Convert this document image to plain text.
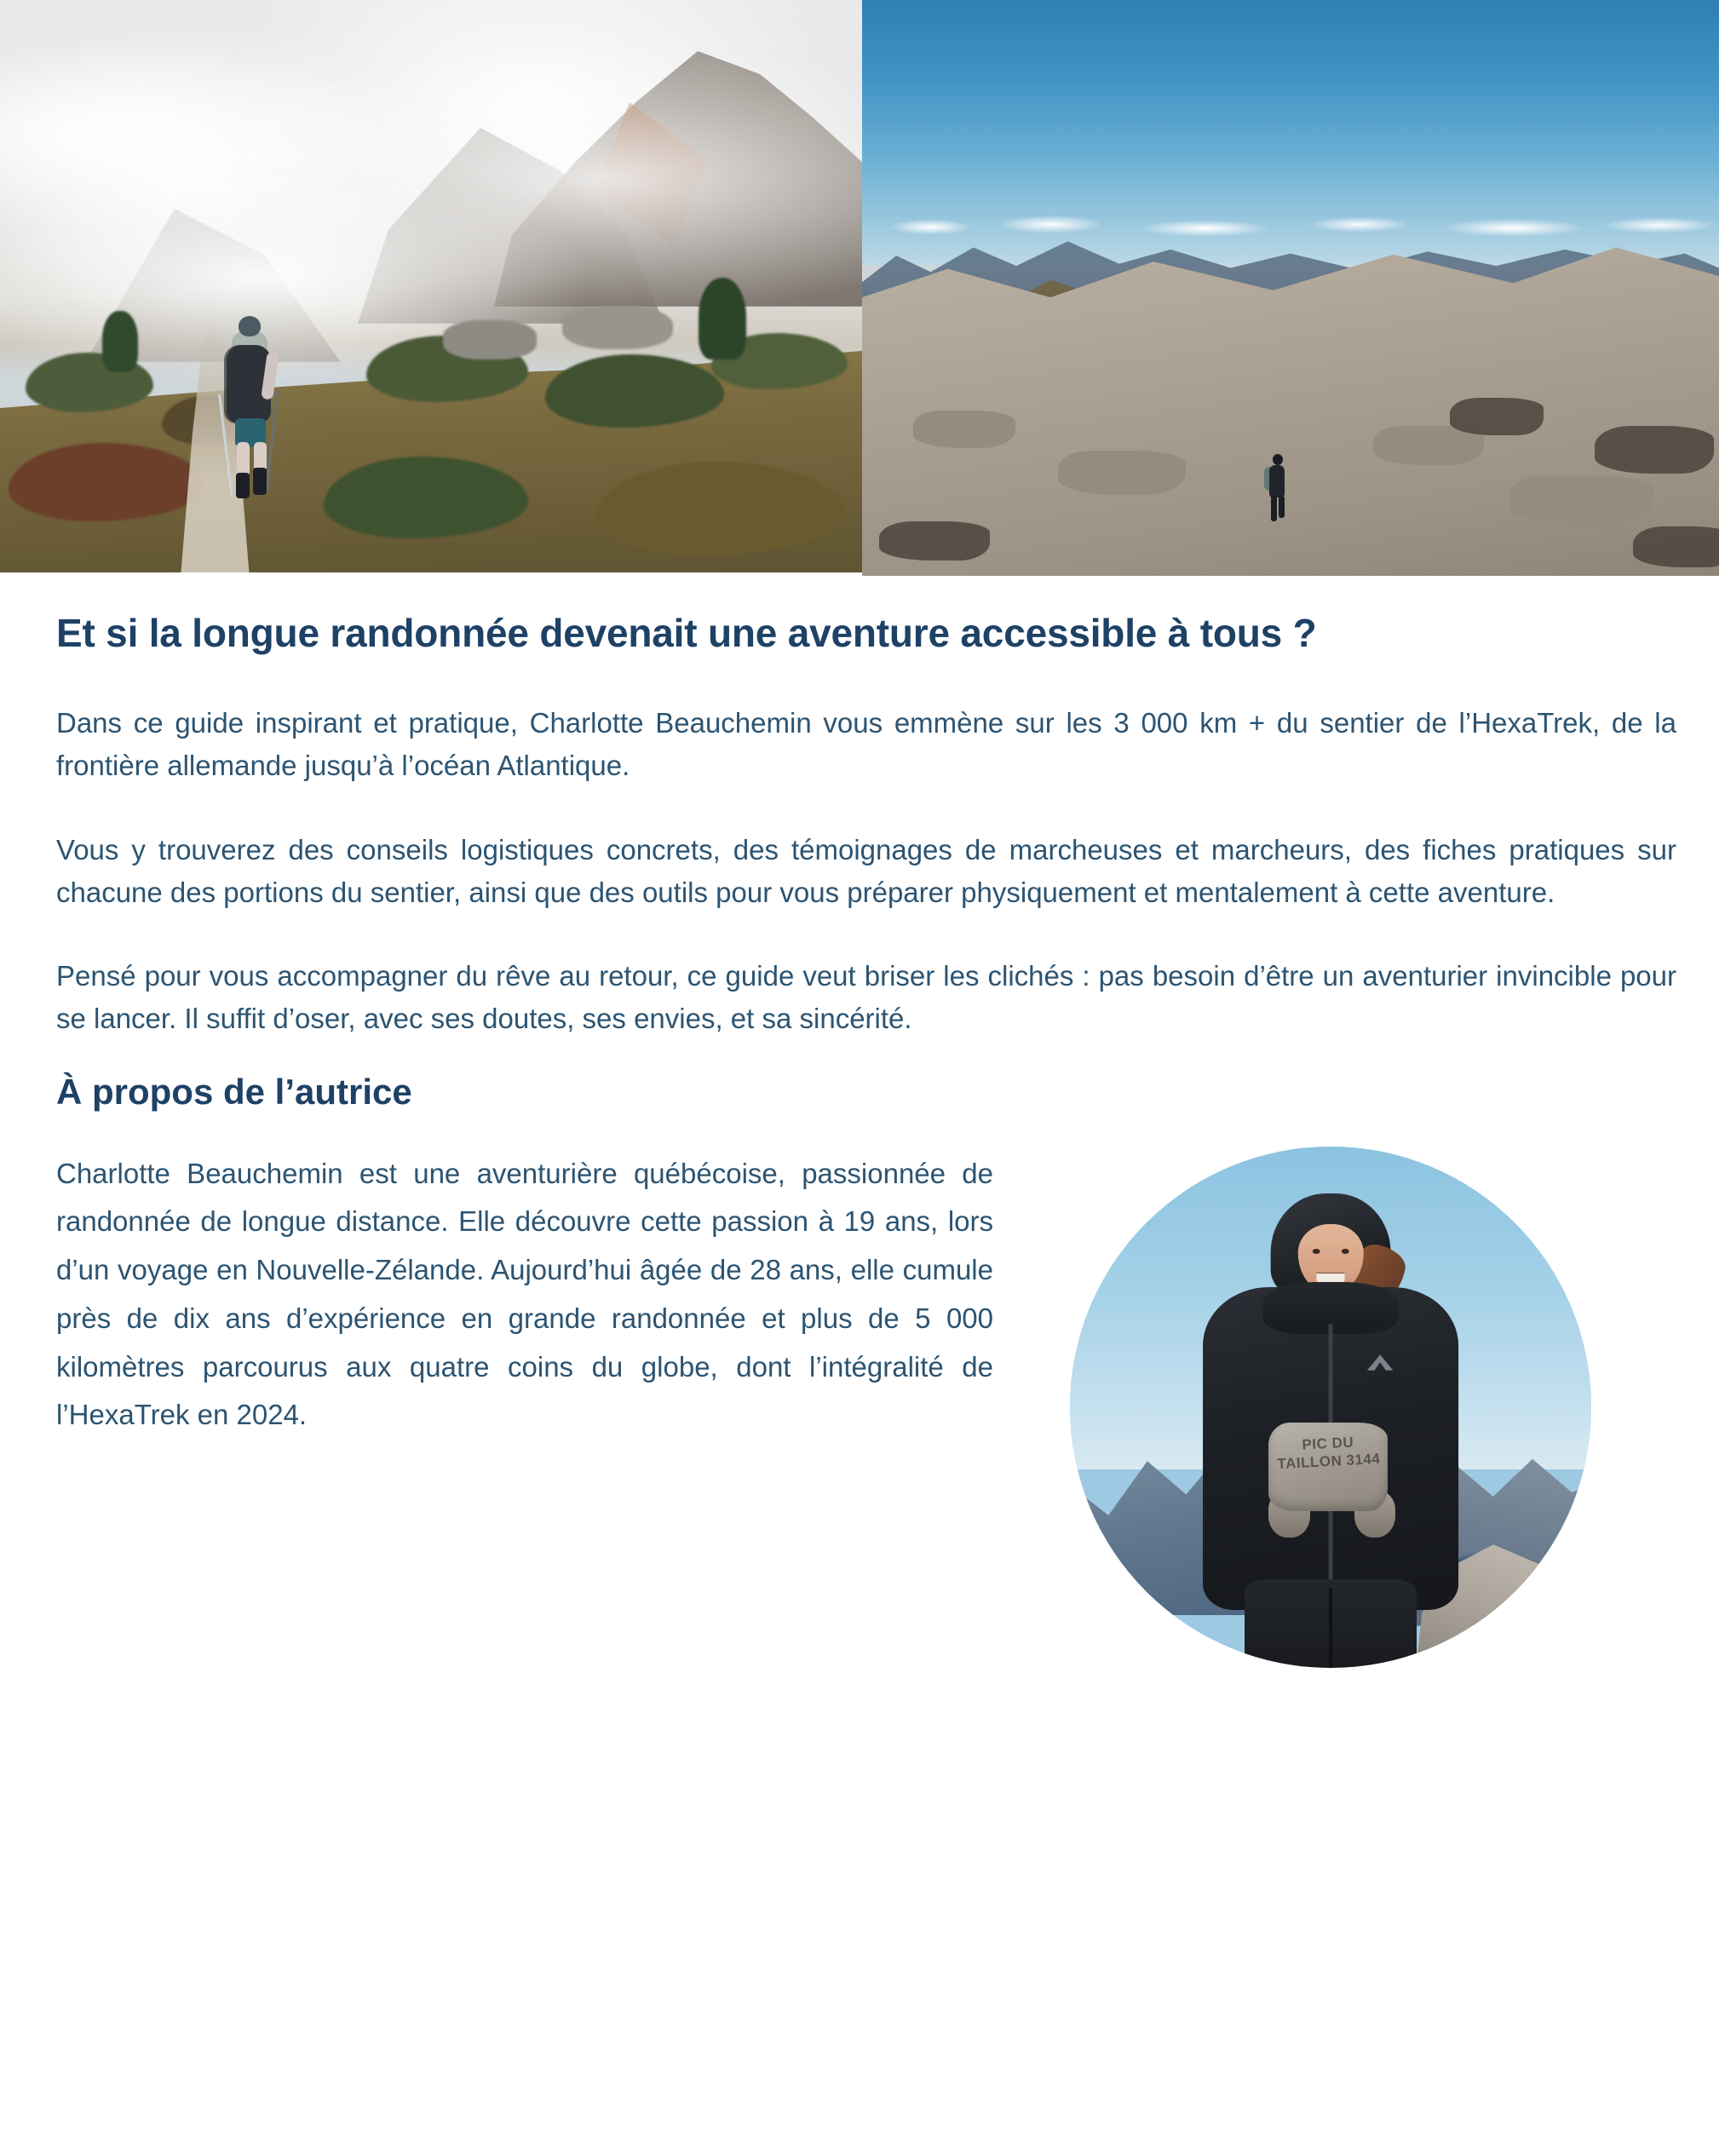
Et si la longue randonnée devenait une aventure accessible à tous ?

Dans ce guide inspirant et pratique, Charlotte Beauchemin vous emmène sur les 3 000 km + du sentier de l’HexaTrek, de la frontière allemande jusqu’à l’océan Atlantique.

Vous y trouverez des conseils logistiques concrets, des témoignages de marcheuses et marcheurs, des fiches pratiques sur chacune des portions du sentier, ainsi que des outils pour vous préparer physiquement et mentalement à cette aventure.

Pensé pour vous accompagner du rêve au retour, ce guide veut briser les clichés : pas besoin d’être un aventurier invincible pour se lancer. Il suffit d’oser, avec ses doutes, ses envies, et sa sincérité.

À propos de l’autrice

Charlotte Beauchemin est une aventurière québécoise, passionnée de randonnée de longue distance. Elle découvre cette passion à 19 ans, lors d’un voyage en Nouvelle-Zélande. Aujourd’hui âgée de 28 ans, elle cumule près de dix ans d’expérience en grande randonnée et plus de 5 000 kilomètres parcourus aux quatre coins du globe, dont l’intégralité de l’HexaTrek en 2024.

PIC DU TAILLON 3144
